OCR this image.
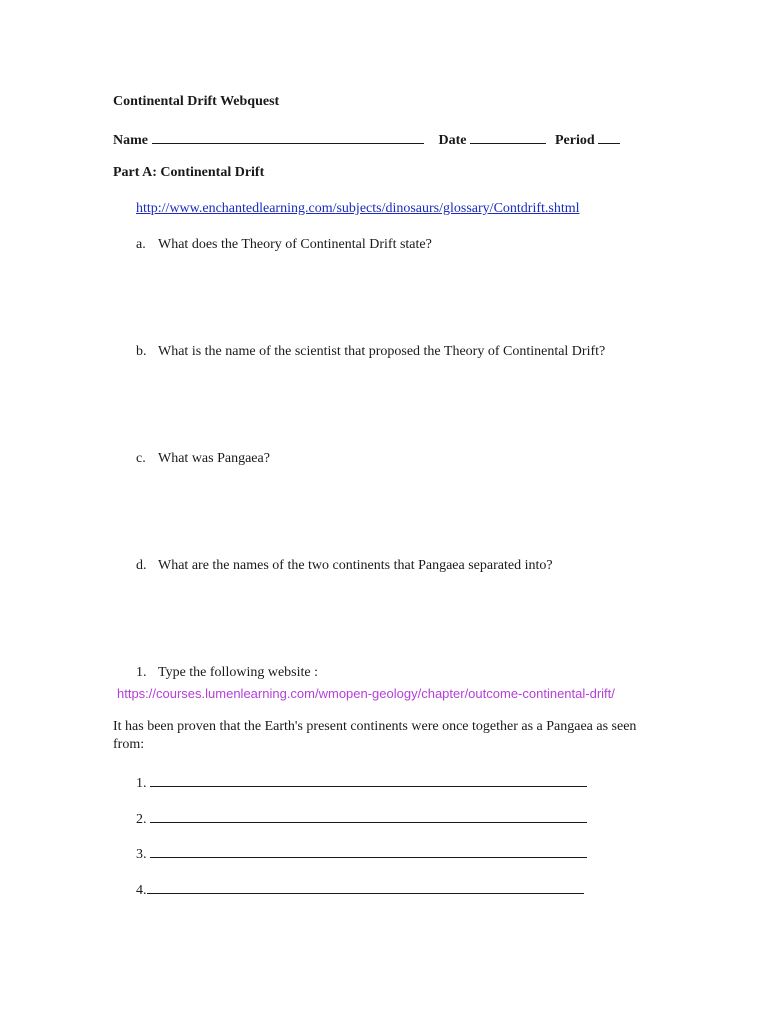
Continental Drift Webquest
Name	Date	Period
Part A: Continental Drift
http://www.enchantedlearning.com/subjects/dinosaurs/glossary/Contdrift.shtml
a. What does the Theory of Continental Drift state?
b. What is the name of the scientist that proposed the Theory of Continental Drift?
c. What was Pangaea?
d. What are the names of the two continents that Pangaea separated into?
1. Type the following website :
https://courses.lumenlearning.com/wmopen-geology/chapter/outcome-continental-drift/
It has been proven that the Earth's present continents were once together as a Pangaea as seen from:
1.
2.
3.
4.
